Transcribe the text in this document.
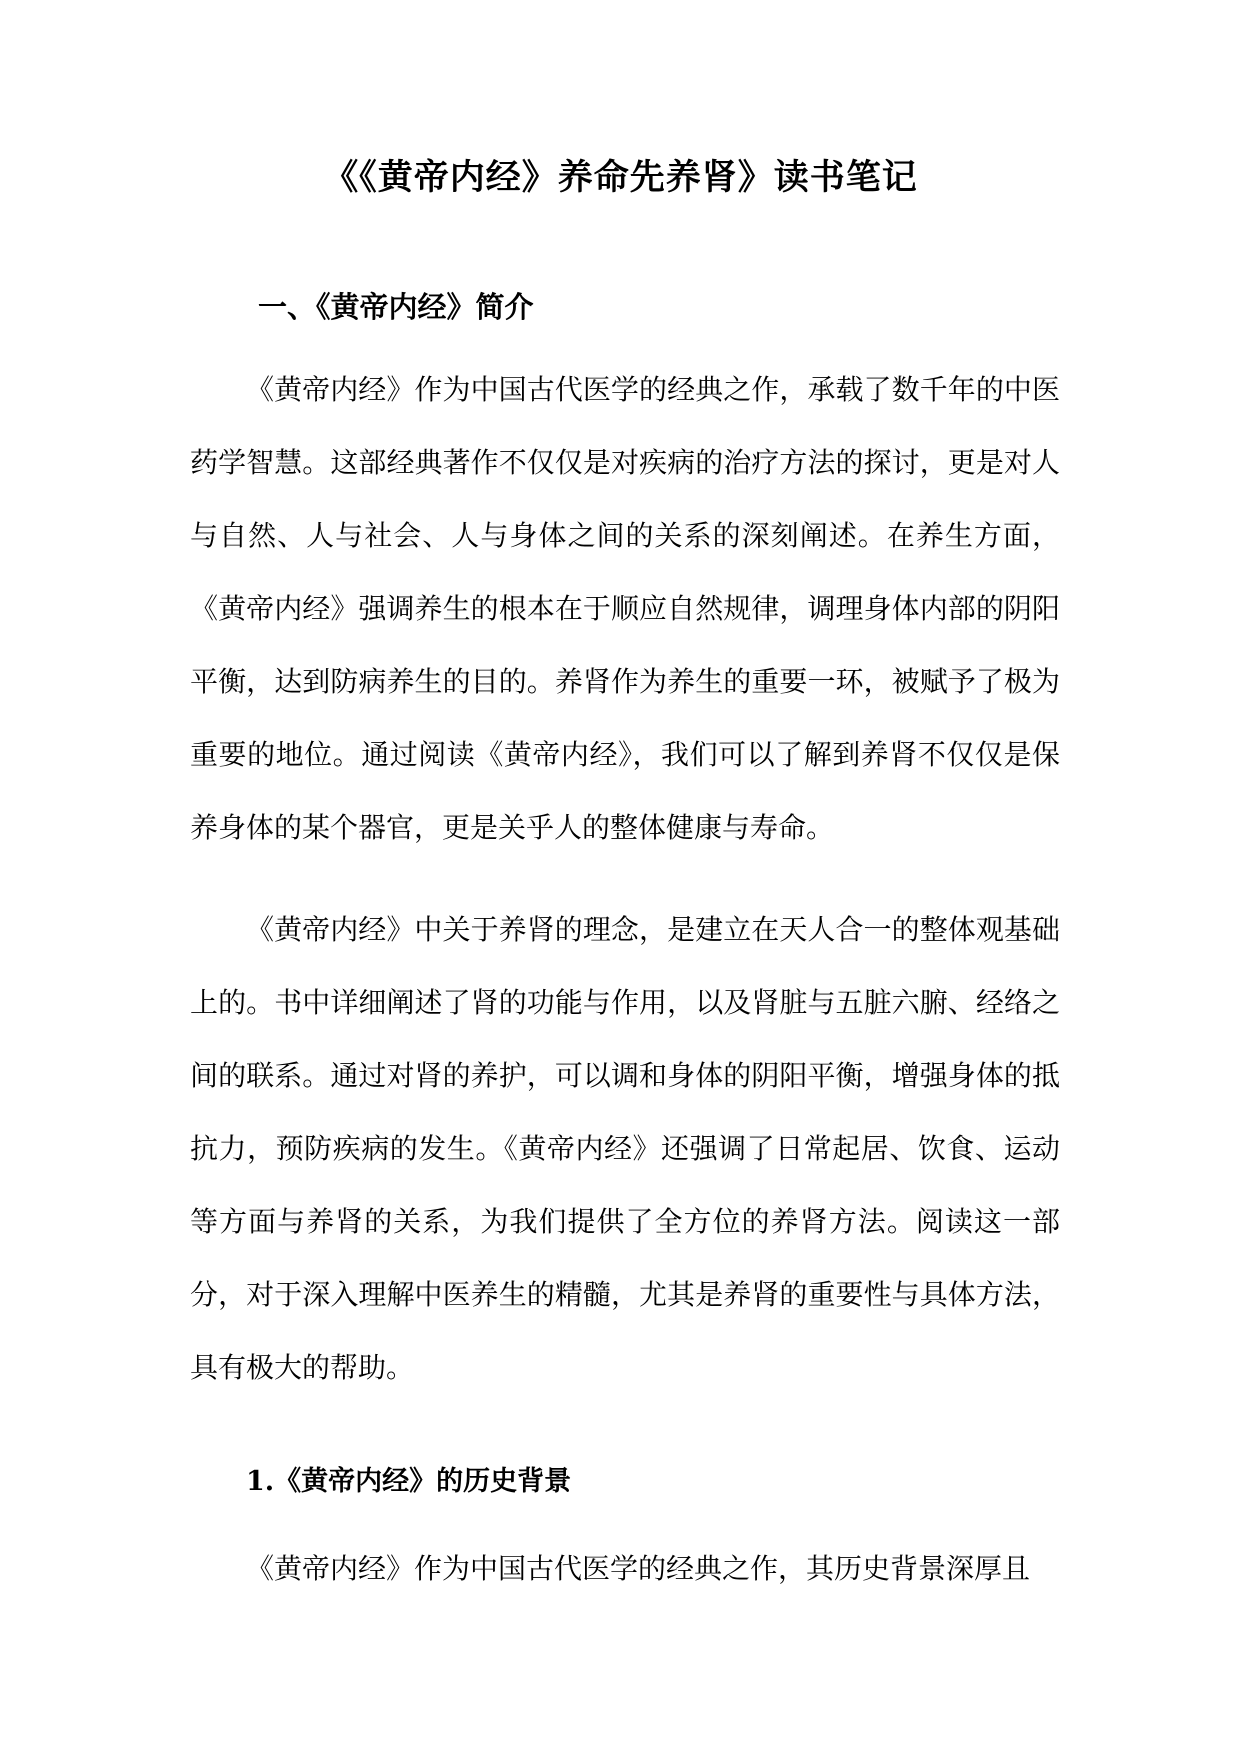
《《黄帝内经》养命先养肾》读书笔记
一、《黄帝内经》简介

《黄帝内经》作为中国古代医学的经典之作，承载了数千年的中医药学智慧。这部经典著作不仅仅是对疾病的治疗方法的探讨，更是对人与自然、人与社会、人与身体之间的关系的深刻阐述。在养生方面，《黄帝内经》强调养生的根本在于顺应自然规律，调理身体内部的阴阳平衡，达到防病养生的目的。养肾作为养生的重要一环，被赋予了极为重要的地位。通过阅读《黄帝内经》，我们可以了解到养肾不仅仅是保养身体的某个器官，更是关乎人的整体健康与寿命。

《黄帝内经》中关于养肾的理念，是建立在天人合一的整体观基础上的。书中详细阐述了肾的功能与作用，以及肾脏与五脏六腑、经络之间的联系。通过对肾的养护，可以调和身体的阴阳平衡，增强身体的抵抗力，预防疾病的发生。《黄帝内经》还强调了日常起居、饮食、运动等方面与养肾的关系，为我们提供了全方位的养肾方法。阅读这一部分，对于深入理解中医养生的精髓，尤其是养肾的重要性与具体方法，具有极大的帮助。

1.《黄帝内经》的历史背景

《黄帝内经》作为中国古代医学的经典之作，其历史背景深厚且
